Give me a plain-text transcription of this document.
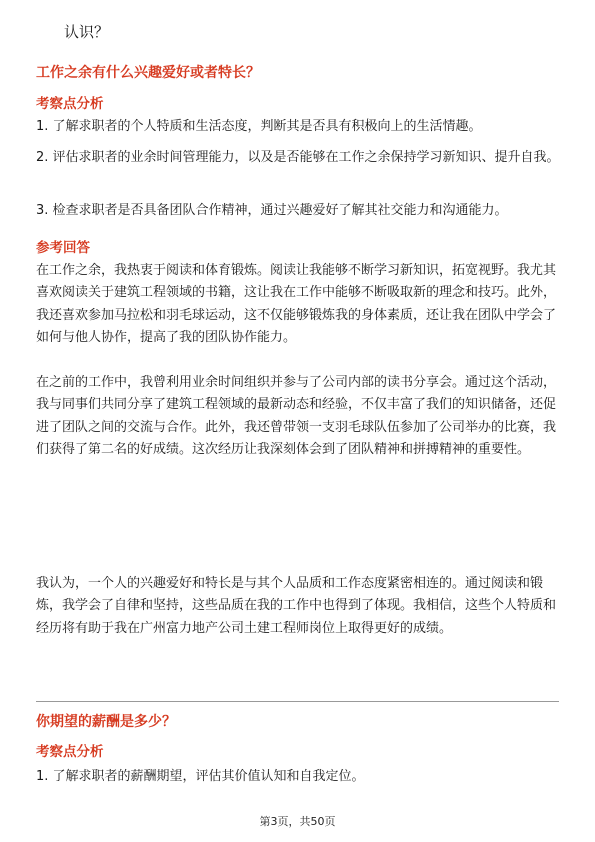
认识？

工作之余有什么兴趣爱好或者特长？
考察点分析

1. 了解求职者的个人特质和生活态度，判断其是否具有积极向上的生活情趣。

2. 评估求职者的业余时间管理能力，以及是否能够在工作之余保持学习新知识、提升自我。

3. 检查求职者是否具备团队合作精神，通过兴趣爱好了解其社交能力和沟通能力。

参考回答

在工作之余，我热衷于阅读和体育锻炼。阅读让我能够不断学习新知识，拓宽视野。我尤其喜欢阅读关于建筑工程领域的书籍，这让我在工作中能够不断吸取新的理念和技巧。此外，我还喜欢参加马拉松和羽毛球运动，这不仅能够锻炼我的身体素质，还让我在团队中学会了如何与他人协作，提高了我的团队协作能力。

在之前的工作中，我曾利用业余时间组织并参与了公司内部的读书分享会。通过这个活动，我与同事们共同分享了建筑工程领域的最新动态和经验，不仅丰富了我们的知识储备，还促进了团队之间的交流与合作。此外，我还曾带领一支羽毛球队伍参加了公司举办的比赛，我们获得了第二名的好成绩。这次经历让我深刻体会到了团队精神和拼搏精神的重要性。

我认为，一个人的兴趣爱好和特长是与其个人品质和工作态度紧密相连的。通过阅读和锻炼，我学会了自律和坚持，这些品质在我的工作中也得到了体现。我相信，这些个人特质和经历将有助于我在广州富力地产公司土建工程师岗位上取得更好的成绩。

你期望的薪酬是多少？
考察点分析

1. 了解求职者的薪酬期望，评估其价值认知和自我定位。

第3页，共50页
